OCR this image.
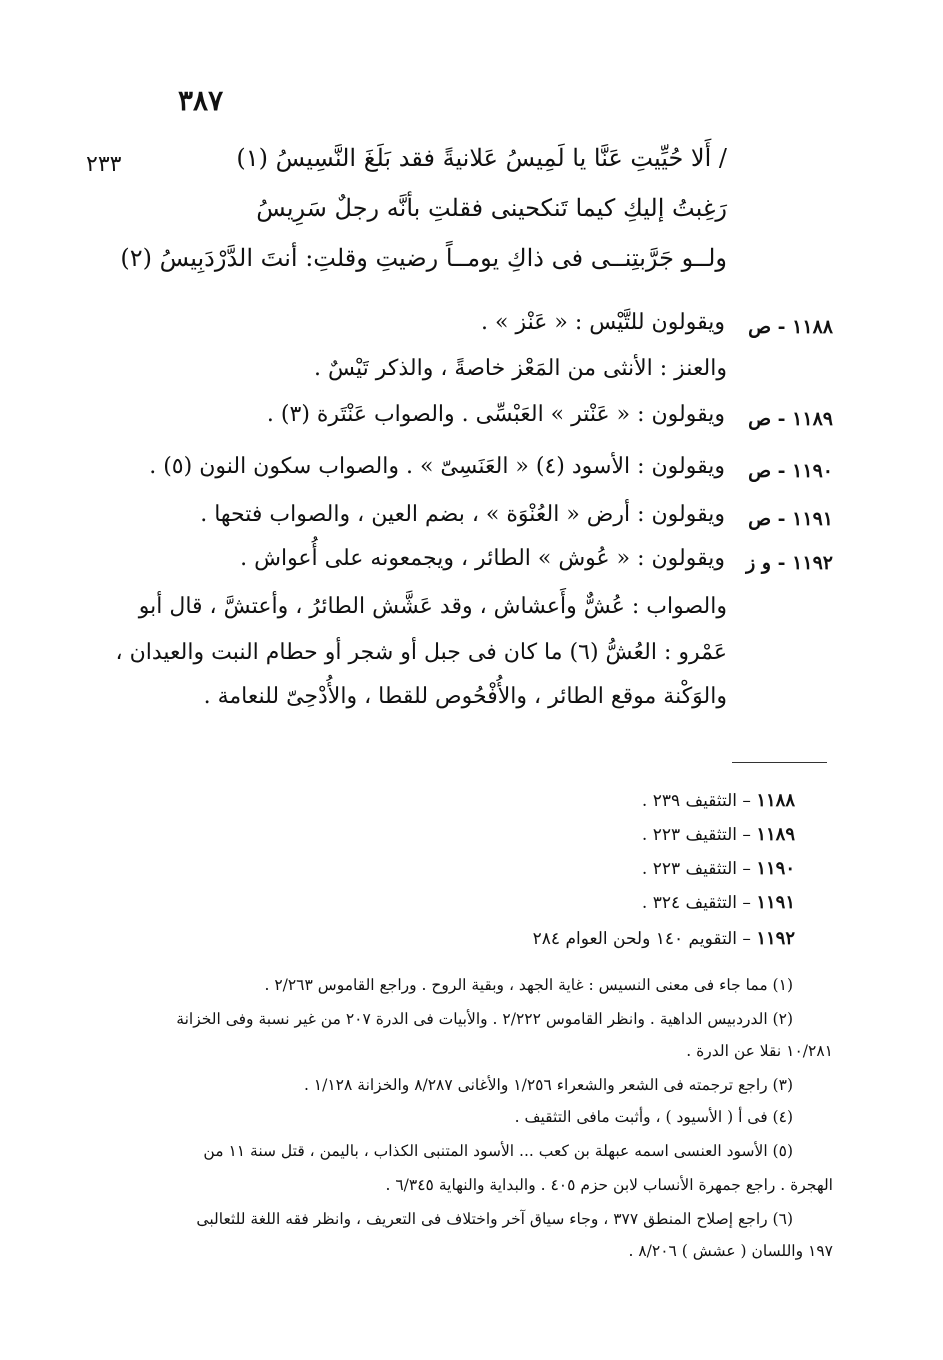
٣٨٧
٢٣٣	/ أَلا حُيِّيتِ عَنَّا يا لَمِيسُ عَلانيةً فقد بَلَغَ النَّسِيسُ (١)
رَغِبتُ إليكِ كيما تَنكحينى فقلتِ بأنَّه رجلٌ سَرِيسُ
ولــو جَرَّبتِنــى فى ذاكِ يومــاً رضيتِ وقلتِ: أنتَ الدَّرْدَبِيسُ (٢)
١١٨٨ - ص
ويقولون للتَّيْس : « عَنْز » .
والعنز : الأنثى من المَعْز خاصةً ، والذكر تَيْسٌ .
١١٨٩ - ص
ويقولون : « عَنْتر » العَبْسِّى . والصواب عَنْتَرة (٣) .
١١٩٠ - ص
ويقولون : الأسود (٤) « العَنَسِىّ » . والصواب سكون النون (٥) .
١١٩١ - ص
ويقولون : أرض « العُنْوَة » ، بضم العين ، والصواب فتحها .
١١٩٢ - و ز
ويقولون : « عُوش » الطائر ، ويجمعونه على أُعواش .
والصواب : عُشٌّ وأَعشاش ، وقد عَشَّش الطائرُ ، وأعتشَّ ، قال أبو
عَمْرو : العُشُّ (٦) ما كان فى جبل أو شجر أو حطام النبت والعيدان ،
والوَكْنة موقع الطائر ، والأُفْحُوص للقطا ، والأُدْحِىّ للنعامة .
١١٨٨ – التثقيف ٢٣٩ .
١١٨٩ – التثقيف ٢٢٣ .
١١٩٠ – التثقيف ٢٢٣ .
١١٩١ – التثقيف ٣٢٤ .
١١٩٢ – التقويم ١٤٠ ولحن العوام ٢٨٤
(١) مما جاء فى معنى النسيس : غاية الجهد ، وبقية الروح . وراجع القاموس ٢/٢٦٣ .
(٢) الدردبيس الداهية . وانظر القاموس ٢/٢٢٢ . والأبيات فى الدرة ٢٠٧ من غير نسبة وفى الخزانة
١٠/٢٨١ نقلا عن الدرة .
(٣) راجع ترجمته فى الشعر والشعراء ١/٢٥٦ والأغانى ٨/٢٨٧ والخزانة ١/١٢٨ .
(٤) فى أ ( الأسيود ) ، وأثبت مافى التثقيف .
(٥) الأسود العنسى اسمه عبهلة بن كعب ... الأسود المتنبى الكذاب ، باليمن ، قتل سنة ١١ من
الهجرة . راجع جمهرة الأنساب لابن حزم ٤٠٥ . والبداية والنهاية ٦/٣٤٥ .
(٦) راجع إصلاح المنطق ٣٧٧ ، وجاء سياق آخر واختلاف فى التعريف ، وانظر فقه اللغة للثعالبى
١٩٧ واللسان ( عشش ) ٨/٢٠٦ .
